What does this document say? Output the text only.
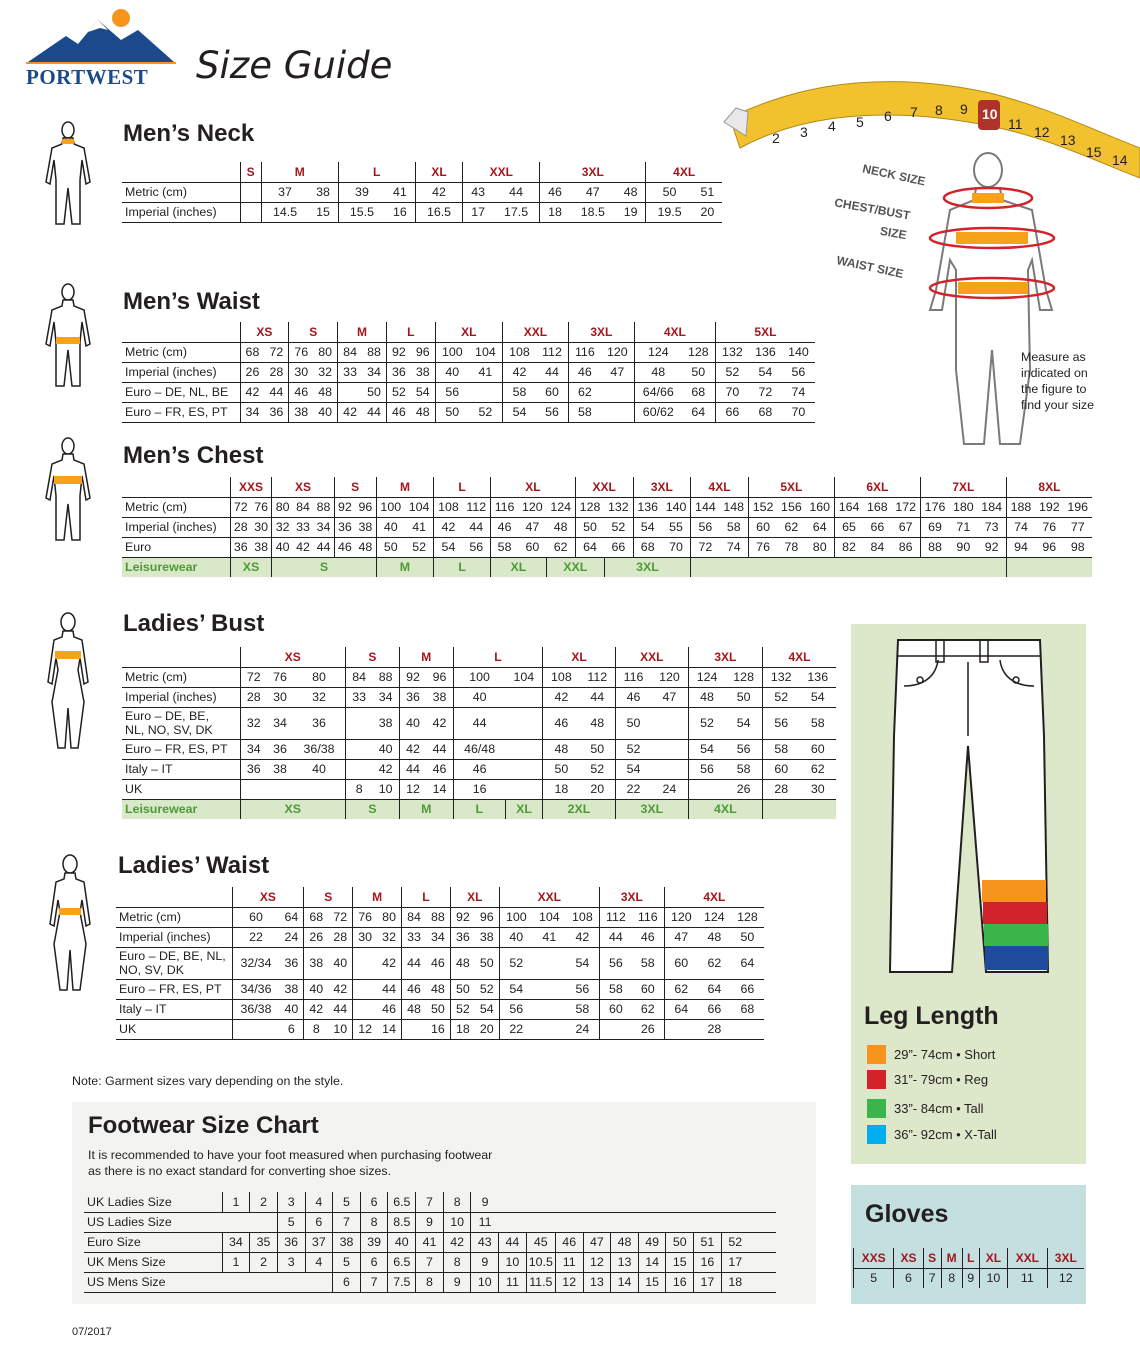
PORTWEST	Size Guide
2 3 4 5 6 7 8 9 10
11 12 13
15 14
NECK SIZE
CHEST/BUST
SIZE
WAIST SIZE
Measure as
indicated on
the figure to
find your size
Men’s Neck
Men’s Waist
Men’s Chest
Ladies’ Bust
Ladies’ Waist
	S	M		L		XL	XXL		3XL			4XL	
Metric (cm)		37	38	39	41	42	43	44	46	47	48	50	51
Imperial (inches)		14.5	15	15.5	16	16.5	17	17.5	18	18.5	19	19.5	20
	XS		S		M		L		XL		XXL		3XL		4XL		5XL		
Metric (cm)	68	72	76	80	84	88	92	96	100	104	108	112	116	120	124	128	132	136	140
Imperial (inches)	26	28	30	32	33	34	36	38	40	41	42	44	46	47	48	50	52	54	56
Euro – DE, NL, BE	42	44	46	48		50	52	54	56		58	60	62		64/66	68	70	72	74
Euro – FR, ES, PT	34	36	38	40	42	44	46	48	50	52	54	56	58		60/62	64	66	68	70
	XXS		XS			S		M		L		XL			XXL		3XL		4XL		5XL			6XL			7XL			8XL		
Metric (cm)	72	76	80	84	88	92	96	100	104	108	112	116	120	124	128	132	136	140	144	148	152	156	160	164	168	172	176	180	184	188	192	196
Imperial (inches)	28	30	32	33	34	36	38	40	41	42	44	46	47	48	50	52	54	55	56	58	60	62	64	65	66	67	69	71	73	74	76	77
Euro	36	38	40	42	44	46	48	50	52	54	56	58	60	62	64	66	68	70	72	74	76	78	80	82	84	86	88	90	92	94	96	98
Leisurewear	XS		S					M		L		XL		XXL		3XL																
	XS			S		M		L		XL		XXL		3XL		4XL	
Metric (cm)	72	76	80	84	88	92	96	100	104	108	112	116	120	124	128	132	136
Imperial (inches)	28	30	32	33	34	36	38	40		42	44	46	47	48	50	52	54
Euro – DE, BE,
NL, NO, SV, DK	32	34	36		38	40	42	44		46	48	50		52	54	56	58
Euro – FR, ES, PT	34	36	36/38		40	42	44	46/48		48	50	52		54	56	58	60
Italy – IT	36	38	40		42	44	46	46		50	52	54		56	58	60	62
UK				8	10	12	14	16		18	20	22	24		26	28	30
Leisurewear	XS			S		M		L	XL	2XL		3XL		4XL			
	XS		S		M		L		XL		XXL			3XL		4XL		
Metric (cm)	60	64	68	72	76	80	84	88	92	96	100	104	108	112	116	120	124	128
Imperial (inches)	22	24	26	28	30	32	33	34	36	38	40	41	42	44	46	47	48	50
Euro – DE, BE, NL,
NO, SV, DK	32/34	36	38	40		42	44	46	48	50	52		54	56	58	60	62	64
Euro – FR, ES, PT	34/36	38	40	42		44	46	48	50	52	54		56	58	60	62	64	66
Italy – IT	36/38	40	42	44		46	48	50	52	54	56		58	60	62	64	66	68
UK		6	8	10	12	14		16	18	20	22		24		26		28	
Note: Garment sizes vary depending on the style.
Footwear Size Chart
It is recommended to have your foot measured when purchasing footwear
as there is no exact standard for converting shoe sizes.
UK Ladies Size	1	2	3	4	5	6	6.5	7	8	9										
US Ladies Size			5	6	7	8	8.5	9	10	11										
Euro Size	34	35	36	37	38	39	40	41	42	43	44	45	46	47	48	49	50	51	52	
UK Mens Size	1	2	3	4	5	6	6.5	7	8	9	10	10.5	11	12	13	14	15	16	17	
US Mens Size					6	7	7.5	8	9	10	11	11.5	12	13	14	15	16	17	18	
Leg Length
29”- 74cm • Short
31”- 79cm • Reg
33”- 84cm • Tall
36”- 92cm • X-Tall
Gloves
XXS	XS	S	M	L	XL	XXL	3XL
5	6	7	8	9	10	11	12
07/2017
